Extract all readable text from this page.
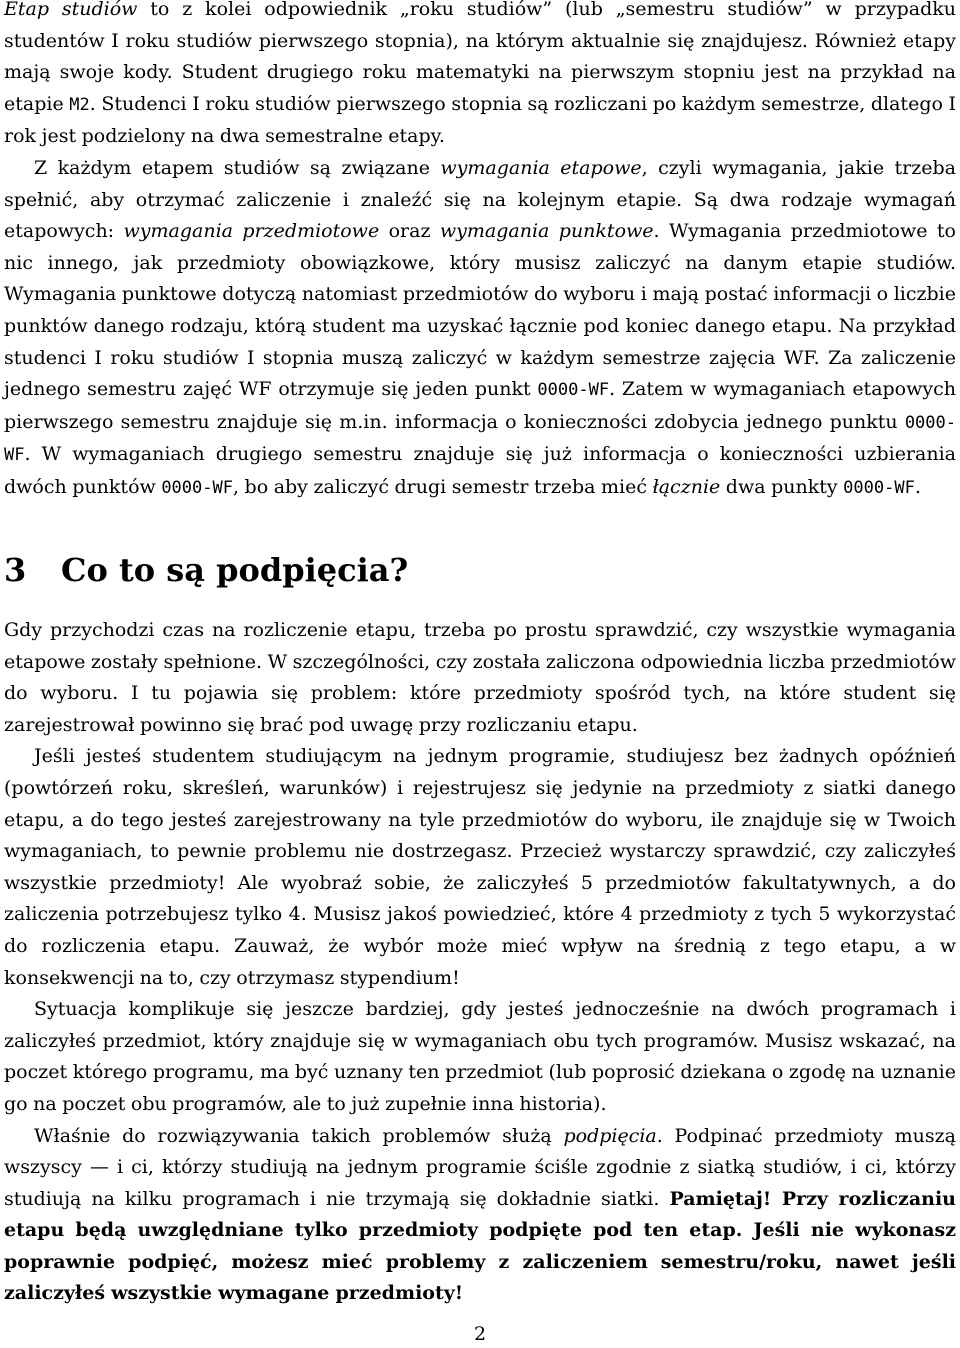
Etap studiów to z kolei odpowiednik „roku studiów” (lub „semestru studiów” w przypadku studentów I roku studiów pierwszego stopnia), na którym aktualnie się znajdujesz. Również etapy mają swoje kody. Student drugiego roku matematyki na pierwszym stopniu jest na przykład na etapie M2. Studenci I roku studiów pierwszego stopnia są rozliczani po każdym semestrze, dlatego I rok jest podzielony na dwa semestralne etapy.

Z każdym etapem studiów są związane wymagania etapowe, czyli wymagania, jakie trzeba spełnić, aby otrzymać zaliczenie i znaleźć się na kolejnym etapie. Są dwa rodzaje wymagań etapowych: wymagania przedmiotowe oraz wymagania punktowe. Wymagania przedmiotowe to nic innego, jak przedmioty obowiązkowe, który musisz zaliczyć na danym etapie studiów. Wymagania punktowe dotyczą natomiast przedmiotów do wyboru i mają postać informacji o liczbie punktów danego rodzaju, którą student ma uzyskać łącznie pod koniec danego etapu. Na przykład studenci I roku studiów I stopnia muszą zaliczyć w każdym semestrze zajęcia WF. Za zaliczenie jednego semestru zajęć WF otrzymuje się jeden punkt 0000-WF. Zatem w wymaganiach etapowych pierwszego semestru znajduje się m.in. informacja o konieczności zdobycia jednego punktu 0000-WF. W wymaganiach drugiego semestru znajduje się już informacja o konieczności uzbierania dwóch punktów 0000-WF, bo aby zaliczyć drugi semestr trzeba mieć łącznie dwa punkty 0000-WF.

3 Co to są podpięcia?

Gdy przychodzi czas na rozliczenie etapu, trzeba po prostu sprawdzić, czy wszystkie wymagania etapowe zostały spełnione. W szczególności, czy została zaliczona odpowiednia liczba przedmiotów do wyboru. I tu pojawia się problem: które przedmioty spośród tych, na które student się zarejestrował powinno się brać pod uwagę przy rozliczaniu etapu.

Jeśli jesteś studentem studiującym na jednym programie, studiujesz bez żadnych opóźnień (powtórzeń roku, skreśleń, warunków) i rejestrujesz się jedynie na przedmioty z siatki danego etapu, a do tego jesteś zarejestrowany na tyle przedmiotów do wyboru, ile znajduje się w Twoich wymaganiach, to pewnie problemu nie dostrzegasz. Przecież wystarczy sprawdzić, czy zaliczyłeś wszystkie przedmioty! Ale wyobraź sobie, że zaliczyłeś 5 przedmiotów fakultatywnych, a do zaliczenia potrzebujesz tylko 4. Musisz jakoś powiedzieć, które 4 przedmioty z tych 5 wykorzystać do rozliczenia etapu. Zauważ, że wybór może mieć wpływ na średnią z tego etapu, a w konsekwencji na to, czy otrzymasz stypendium!

Sytuacja komplikuje się jeszcze bardziej, gdy jesteś jednocześnie na dwóch programach i zaliczyłeś przedmiot, który znajduje się w wymaganiach obu tych programów. Musisz wskazać, na poczet którego programu, ma być uznany ten przedmiot (lub poprosić dziekana o zgodę na uznanie go na poczet obu programów, ale to już zupełnie inna historia).

Właśnie do rozwiązywania takich problemów służą podpięcia. Podpinać przedmioty muszą wszyscy — i ci, którzy studiują na jednym programie ściśle zgodnie z siatką studiów, i ci, którzy studiują na kilku programach i nie trzymają się dokładnie siatki. Pamiętaj! Przy rozliczaniu etapu będą uwzględniane tylko przedmioty podpięte pod ten etap. Jeśli nie wykonasz poprawnie podpięć, możesz mieć problemy z zaliczeniem semestru/roku, nawet jeśli zaliczyłeś wszystkie wymagane przedmioty!

2
